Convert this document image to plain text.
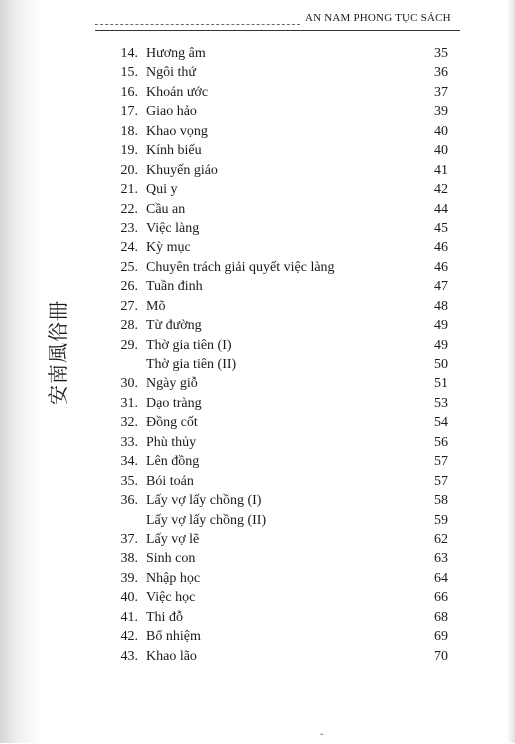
AN NAM PHONG TỤC SÁCH
安南風俗冊
14. Hương âm	35
15. Ngôi thứ	36
16. Khoán ước	37
17. Giao hảo	39
18. Khao vọng	40
19. Kính biếu	40
20. Khuyến giáo	41
21. Qui y	42
22. Cầu an	44
23. Việc làng	45
24. Kỳ mục	46
25. Chuyên trách giải quyết việc làng	46
26. Tuần đinh	47
27. Mõ	48
28. Từ đường	49
29. Thờ gia tiên (I)	49
Thờ gia tiên (II)	50
30. Ngày giỗ	51
31. Dạo tràng	53
32. Đồng cốt	54
33. Phù thủy	56
34. Lên đồng	57
35. Bói toán	57
36. Lấy vợ lấy chồng (I)	58
Lấy vợ lấy chồng (II)	59
37. Lấy vợ lẽ	62
38. Sinh con	63
39. Nhập học	64
40. Việc học	66
41. Thi đỗ	68
42. Bổ nhiệm	69
43. Khao lão	70
ˇ
